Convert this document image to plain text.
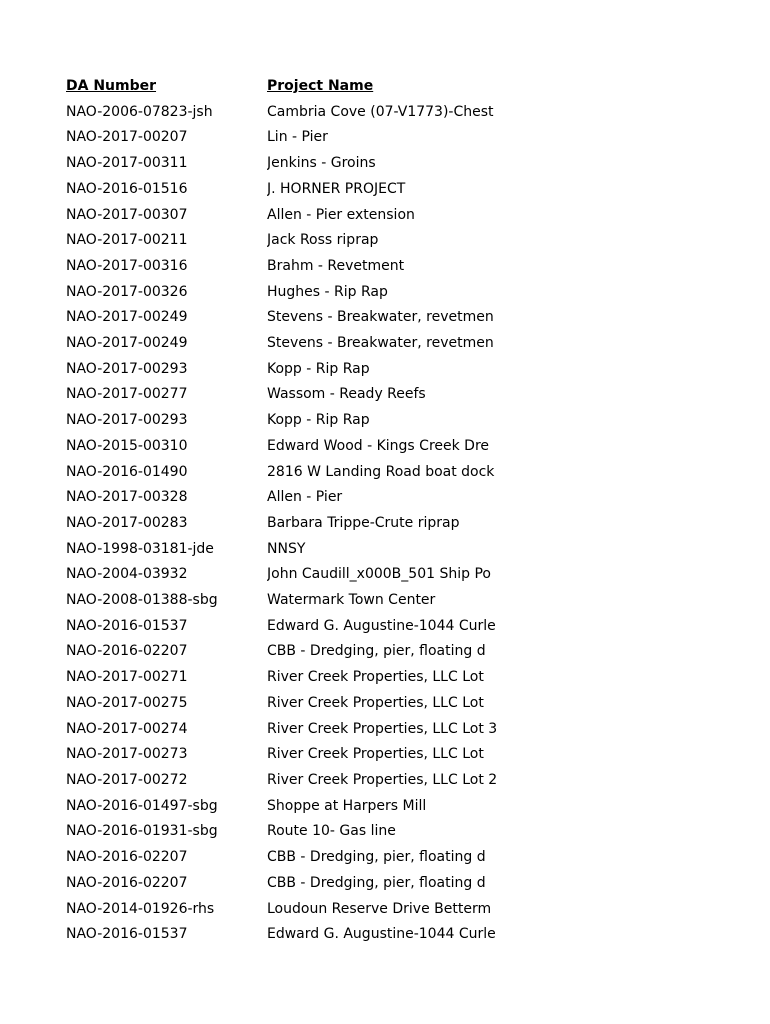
DA Number	Project Name
NAO-2006-07823-jsh	Cambria Cove (07-V1773)-Chest
NAO-2017-00207	Lin - Pier
NAO-2017-00311	Jenkins - Groins
NAO-2016-01516	J. HORNER PROJECT
NAO-2017-00307	Allen - Pier extension
NAO-2017-00211	Jack Ross riprap
NAO-2017-00316	Brahm - Revetment
NAO-2017-00326	Hughes - Rip Rap
NAO-2017-00249	Stevens - Breakwater, revetmen
NAO-2017-00249	Stevens - Breakwater, revetmen
NAO-2017-00293	Kopp - Rip Rap
NAO-2017-00277	Wassom - Ready Reefs
NAO-2017-00293	Kopp - Rip Rap
NAO-2015-00310	Edward Wood - Kings Creek Dre
NAO-2016-01490	2816 W Landing Road boat dock
NAO-2017-00328	Allen - Pier
NAO-2017-00283	Barbara Trippe-Crute riprap
NAO-1998-03181-jde	NNSY
NAO-2004-03932	John Caudill_x000B_501 Ship Po
NAO-2008-01388-sbg	Watermark Town Center
NAO-2016-01537	Edward G. Augustine-1044 Curle
NAO-2016-02207	CBB - Dredging, pier, floating d
NAO-2017-00271	River Creek Properties, LLC Lot
NAO-2017-00275	River Creek Properties, LLC Lot
NAO-2017-00274	River Creek Properties, LLC Lot 3
NAO-2017-00273	River Creek Properties, LLC Lot
NAO-2017-00272	River Creek Properties, LLC Lot 2
NAO-2016-01497-sbg	Shoppe at Harpers Mill
NAO-2016-01931-sbg	Route 10- Gas line
NAO-2016-02207	CBB - Dredging, pier, floating d
NAO-2016-02207	CBB - Dredging, pier, floating d
NAO-2014-01926-rhs	Loudoun Reserve Drive Betterm
NAO-2016-01537	Edward G. Augustine-1044 Curle
